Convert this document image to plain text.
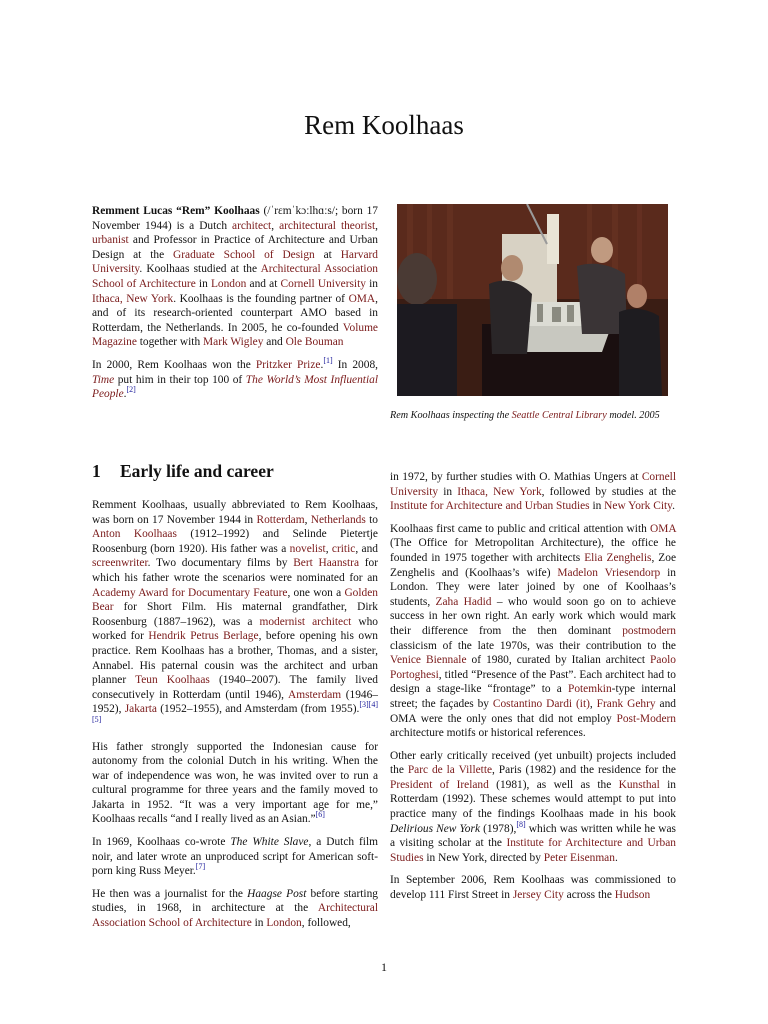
Rem Koolhaas

Remment Lucas “Rem” Koolhaas (/ˈrɛmˈkɔːlhɑːs/; born 17 November 1944) is a Dutch architect, architectural theorist, urbanist and Professor in Practice of Architecture and Urban Design at the Graduate School of Design at Harvard University. Koolhaas studied at the Architectural Association School of Architecture in London and at Cornell University in Ithaca, New York. Koolhaas is the founding partner of OMA, and of its research-oriented counterpart AMO based in Rotterdam, the Netherlands. In 2005, he co-founded Volume Magazine together with Mark Wigley and Ole Bouman

In 2000, Rem Koolhaas won the Pritzker Prize.[1] In 2008, Time put him in their top 100 of The World’s Most Influential People.[2]

Rem Koolhaas inspecting the Seattle Central Library model. 2005
1 Early life and career

Remment Koolhaas, usually abbreviated to Rem Koolhaas, was born on 17 November 1944 in Rotterdam, Netherlands to Anton Koolhaas (1912–1992) and Selinde Pietertje Roosenburg (born 1920). His father was a novelist, critic, and screenwriter. Two documentary films by Bert Haanstra for which his father wrote the scenarios were nominated for an Academy Award for Documentary Feature, one won a Golden Bear for Short Film. His maternal grandfather, Dirk Roosenburg (1887–1962), was a modernist architect who worked for Hendrik Petrus Berlage, before opening his own practice. Rem Koolhaas has a brother, Thomas, and a sister, Annabel. His paternal cousin was the architect and urban planner Teun Koolhaas (1940–2007). The family lived consecutively in Rotterdam (until 1946), Amsterdam (1946–1952), Jakarta (1952–1955), and Amsterdam (from 1955).[3][4][5]

His father strongly supported the Indonesian cause for autonomy from the colonial Dutch in his writing. When the war of independence was won, he was invited over to run a cultural programme for three years and the family moved to Jakarta in 1952. “It was a very important age for me,” Koolhaas recalls “and I really lived as an Asian.”[6]

In 1969, Koolhaas co-wrote The White Slave, a Dutch film noir, and later wrote an unproduced script for American soft-porn king Russ Meyer.[7]

He then was a journalist for the Haagse Post before starting studies, in 1968, in architecture at the Architectural Association School of Architecture in London, followed,

in 1972, by further studies with O. Mathias Ungers at Cornell University in Ithaca, New York, followed by studies at the Institute for Architecture and Urban Studies in New York City.

Koolhaas first came to public and critical attention with OMA (The Office for Metropolitan Architecture), the office he founded in 1975 together with architects Elia Zenghelis, Zoe Zenghelis and (Koolhaas’s wife) Madelon Vriesendorp in London. They were later joined by one of Koolhaas’s students, Zaha Hadid – who would soon go on to achieve success in her own right. An early work which would mark their difference from the then dominant postmodern classicism of the late 1970s, was their contribution to the Venice Biennale of 1980, curated by Italian architect Paolo Portoghesi, titled “Presence of the Past”. Each architect had to design a stage-like “frontage” to a Potemkin-type internal street; the façades by Costantino Dardi (it), Frank Gehry and OMA were the only ones that did not employ Post-Modern architecture motifs or historical references.

Other early critically received (yet unbuilt) projects included the Parc de la Villette, Paris (1982) and the residence for the President of Ireland (1981), as well as the Kunsthal in Rotterdam (1992). These schemes would attempt to put into practice many of the findings Koolhaas made in his book Delirious New York (1978),[8] which was written while he was a visiting scholar at the Institute for Architecture and Urban Studies in New York, directed by Peter Eisenman.

In September 2006, Rem Koolhaas was commissioned to develop 111 First Street in Jersey City across the Hudson

1
